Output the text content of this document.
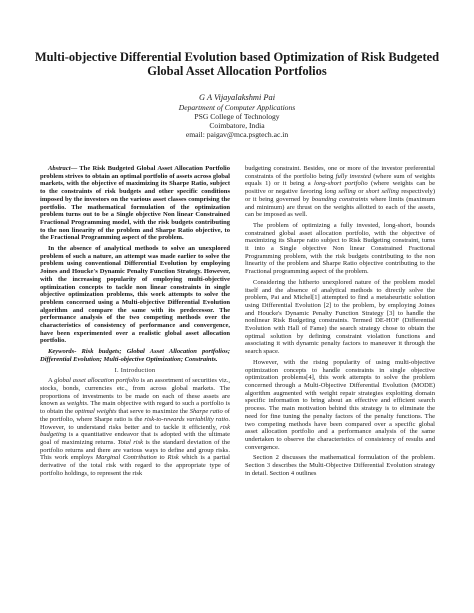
Multi-objective Differential Evolution based Optimization of Risk Budgeted Global Asset Allocation Portfolios
G A Vijayalakshmi Pai
Department of Computer Applications
PSG College of Technology
Coimbatore, India
email: paigav@mca.psgtech.ac.in

Abstract— The Risk Budgeted Global Asset Allocation Portfolio problem strives to obtain an optimal portfolio of assets across global markets, with the objective of maximizing its Sharpe Ratio, subject to the constraints of risk budgets and other specific conditions imposed by the investors on the various asset classes comprising the portfolio. The mathematical formulation of the optimization problem turns out to be a Single objective Non linear Constrained Fractional Programming model, with the risk budgets contributing to the non linearity of the problem and Sharpe Ratio objective, to the Fractional Programming aspect of the problem.

In the absence of analytical methods to solve an unexplored problem of such a nature, an attempt was made earlier to solve the problem using conventional Differential Evolution by employing Joines and Houcke's Dynamic Penalty Function Strategy. However, with the increasing popularity of employing multi-objective optimization concepts to tackle non linear constraints in single objective optimization problems, this work attempts to solve the problem concerned using a Multi-objective Differential Evolution algorithm and compare the same with its predecessor. The performance analysis of the two competing methods over the characteristics of consistency of performance and convergence, have been experimented over a realistic global asset allocation portfolio.

Keywords- Risk budgets; Global Asset Allocation portfolios; Differential Evolution; Multi-objective Optimization; Constraints.

I. Introduction

A global asset allocation portfolio is an assortment of securities viz., stocks, bonds, currencies etc., from across global markets. The proportions of investments to be made on each of these assets are known as weights. The main objective with regard to such a portfolio is to obtain the optimal weights that serve to maximize the Sharpe ratio of the portfolio, where Sharpe ratio is the risk-to-rewards variability ratio. However, to understand risks better and to tackle it efficiently, risk budgeting is a quantitative endeavor that is adopted with the ultimate goal of maximizing returns. Total risk is the standard deviation of the portfolio returns and there are various ways to define and group risks. This work employs Marginal Contribution to Risk which is a partial derivative of the total risk with regard to the appropriate type of portfolio holdings, to represent the risk

budgeting constraint. Besides, one or more of the investor preferential constraints of the portfolio being fully invested (where sum of weights equals 1) or it being a long-short portfolio (where weights can be positive or negative favoring long selling or short selling respectively) or it being governed by bounding constraints where limits (maximum and minimum) are thrust on the weights allotted to each of the assets, can be imposed as well.

The problem of optimizing a fully invested, long-short, bounds constrained global asset allocation portfolio, with the objective of maximizing its Sharpe ratio subject to Risk Budgeting constraint, turns it into a Single objective Non linear Constrained Fractional Programming problem, with the risk budgets contributing to the non linearity of the problem and Sharpe Ratio objective contributing to the Fractional programming aspect of the problem.

Considering the hitherto unexplored nature of the problem model itself and the absence of analytical methods to directly solve the problem, Pai and Michel[1] attempted to find a metaheuristic solution using Differential Evolution [2] to the problem, by employing Joines and Houcke's Dynamic Penalty Function Strategy [3] to handle the nonlinear Risk Budgeting constraints. Termed DE-HOF (Differential Evolution with Hall of Fame) the search strategy chose to obtain the optimal solution by defining constraint violation functions and associating it with dynamic penalty factors to maneuver it through the search space.

However, with the rising popularity of using multi-objective optimization concepts to handle constraints in single objective optimization problems[4], this work attempts to solve the problem concerned through a Multi-Objective Differential Evolution (MODE) algorithm augmented with weight repair strategies exploiting domain specific information to bring about an effective and efficient search process. The main motivation behind this strategy is to eliminate the need for fine tuning the penalty factors of the penalty functions. The two competing methods have been compared over a specific global asset allocation portfolio and a performance analysis of the same undertaken to observe the characteristics of consistency of results and convergence.

Section 2 discusses the mathematical formulation of the problem. Section 3 describes the Multi-Objective Differential Evolution strategy in detail. Section 4 outlines
